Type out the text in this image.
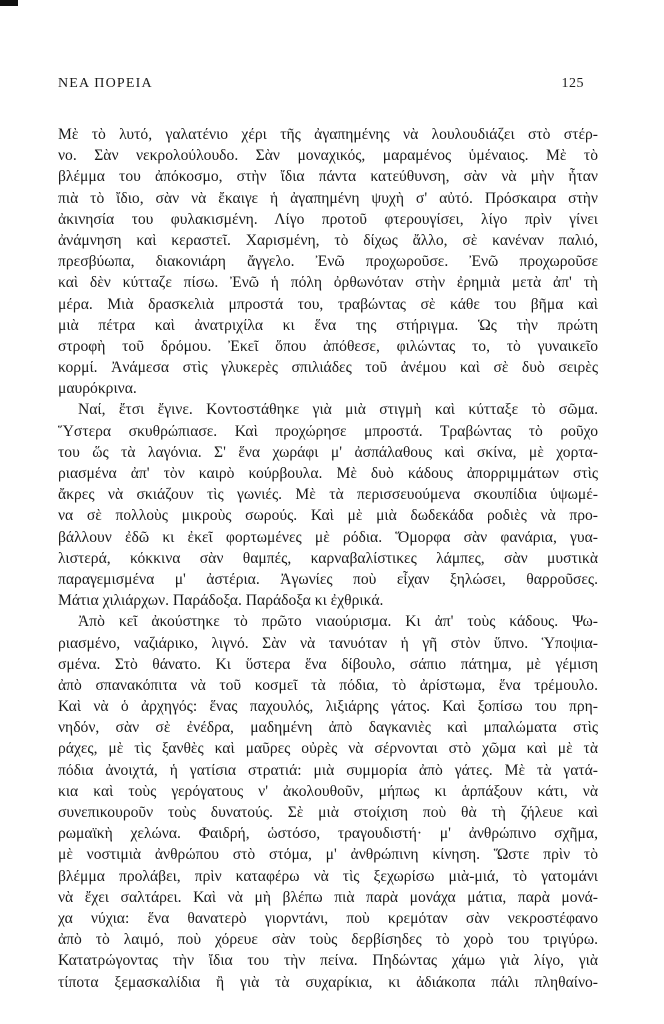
ΝΕΑ ΠΟΡΕΙΑ	125
Μὲ τὸ λυτό, γαλατένιο χέρι τῆς ἀγαπημένης νὰ λουλουδιάζει στὸ στέρ-
νο. Σὰν νεκρολούλουδο. Σὰν μοναχικός, μαραμένος ὑμέναιος. Μὲ τὸ
βλέμμα του ἀπόκοσμο, στὴν ἴδια πάντα κατεύθυνση, σὰν νὰ μὴν ἦταν
πιὰ τὸ ἴδιο, σὰν νὰ ἔκαιγε ἡ ἀγαπημένη ψυχὴ σ' αὐτό. Πρόσκαιρα στὴν
ἀκινησία του φυλακισμένη. Λίγο προτοῦ φτερουγίσει, λίγο πρὶν γίνει
ἀνάμνηση καὶ κεραστεῖ. Χαρισμένη, τὸ δίχως ἄλλο, σὲ κανέναν παλιό,
πρεσβύωπα, διακονιάρη ἄγγελο. Ἐνῶ προχωροῦσε. Ἐνῶ προχωροῦσε
καὶ δὲν κύτταζε πίσω. Ἐνῶ ἡ πόλη ὀρθωνόταν στὴν ἐρημιὰ μετὰ ἀπ' τὴ
μέρα. Μιὰ δρασκελιὰ μπροστά του, τραβώντας σὲ κάθε του βῆμα καὶ
μιὰ πέτρα καὶ ἀνατριχίλα κι ἕνα της στήριγμα. Ὡς τὴν πρώτη
στροφὴ τοῦ δρόμου. Ἐκεῖ ὅπου ἀπόθεσε, φιλώντας το, τὸ γυναικεῖο
κορμί. Ἀνάμεσα στὶς γλυκερὲς σπιλιάδες τοῦ ἀνέμου καὶ σὲ δυὸ σειρὲς
μαυρόκρινα.
Ναί, ἔτσι ἔγινε. Κοντοστάθηκε γιὰ μιὰ στιγμὴ καὶ κύτταξε τὸ σῶμα.
Ὕστερα σκυθρώπιασε. Καὶ προχώρησε μπροστά. Τραβώντας τὸ ροῦχο
του ὥς τὰ λαγόνια. Σ' ἕνα χωράφι μ' ἀσπάλαθους καὶ σκίνα, μὲ χορτα-
ριασμένα ἀπ' τὸν καιρὸ κούρβουλα. Μὲ δυὸ κάδους ἀπορριμμάτων στὶς
ἄκρες νὰ σκιάζουν τὶς γωνιές. Μὲ τὰ περισσευούμενα σκουπίδια ὑψωμέ-
να σὲ πολλοὺς μικροὺς σωρούς. Καὶ μὲ μιὰ δωδεκάδα ροδιὲς νὰ προ-
βάλλουν ἐδῶ κι ἐκεῖ φορτωμένες μὲ ρόδια. Ὅμορφα σὰν φανάρια, γυα-
λιστερά, κόκκινα σὰν θαμπές, καρναβαλίστικες λάμπες, σὰν μυστικὰ
παραγεμισμένα μ' ἀστέρια. Ἀγωνίες ποὺ εἶχαν ξηλώσει, θαρροῦσες.
Μάτια χιλιάρχων. Παράδοξα. Παράδοξα κι ἐχθρικά.
Ἀπὸ κεῖ ἀκούστηκε τὸ πρῶτο νιαούρισμα. Κι ἀπ' τοὺς κάδους. Ψω-
ριασμένο, ναζιάρικο, λιγνό. Σὰν νὰ τανυόταν ἡ γῆ στὸν ὕπνο. Ὑποψια-
σμένα. Στὸ θάνατο. Κι ὕστερα ἕνα δίβουλο, σάπιο πάτημα, μὲ γέμιση
ἀπὸ σπανακόπιτα νὰ τοῦ κοσμεῖ τὰ πόδια, τὸ ἀρίστωμα, ἕνα τρέμουλο.
Καὶ νὰ ὁ ἀρχηγός: ἕνας παχουλός, λιξιάρης γάτος. Καὶ ξοπίσω του πρη-
νηδόν, σὰν σὲ ἐνέδρα, μαδημένη ἀπὸ δαγκανιὲς καὶ μπαλώματα στὶς
ράχες, μὲ τὶς ξανθὲς καὶ μαῦρες οὐρὲς νὰ σέρνονται στὸ χῶμα καὶ μὲ τὰ
πόδια ἀνοιχτά, ἡ γατίσια στρατιά: μιὰ συμμορία ἀπὸ γάτες. Μὲ τὰ γατά-
κια καὶ τοὺς γερόγατους ν' ἀκολουθοῦν, μήπως κι ἁρπάξουν κάτι, νὰ
συνεπικουροῦν τοὺς δυνατούς. Σὲ μιὰ στοίχιση ποὺ θὰ τὴ ζήλευε καὶ
ρωμαϊκὴ χελώνα. Φαιδρή, ὡστόσο, τραγουδιστή· μ' ἀνθρώπινο σχῆμα,
μὲ νοστιμιὰ ἀνθρώπου στὸ στόμα, μ' ἀνθρώπινη κίνηση. Ὥστε πρὶν τὸ
βλέμμα προλάβει, πρὶν καταφέρω νὰ τὶς ξεχωρίσω μιὰ-μιά, τὸ γατομάνι
νὰ ἔχει σαλτάρει. Καὶ νὰ μὴ βλέπω πιὰ παρὰ μονάχα μάτια, παρὰ μονά-
χα νύχια: ἕνα θανατερὸ γιορντάνι, ποὺ κρεμόταν σὰν νεκροστέφανο
ἀπὸ τὸ λαιμό, ποὺ χόρευε σὰν τοὺς δερβίσηδες τὸ χορὸ του τριγύρω.
Κατατρώγοντας τὴν ἴδια του τὴν πείνα. Πηδώντας χάμω γιὰ λίγο, γιὰ
τίποτα ξεμασκαλίδια ἢ γιὰ τὰ συχαρίκια, κι ἀδιάκοπα πάλι πληθαίνο-
